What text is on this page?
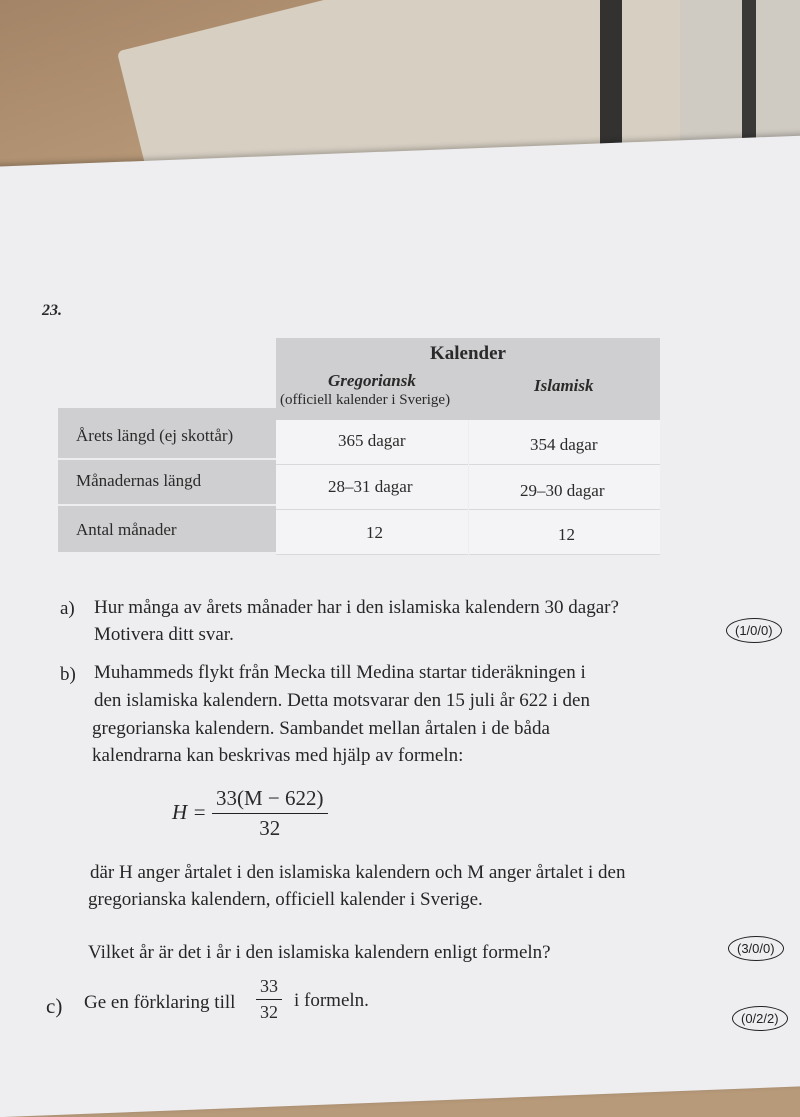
23.
Kalender
Gregoriansk
(officiell kalender i Sverige)
Islamisk
Årets längd (ej skottår)	365 dagar	354 dagar
Månadernas längd	28–31 dagar	29–30 dagar
Antal månader	12	12
a) Hur många av årets månader har i den islamiska kalendern 30 dagar?
Motivera ditt svar.	(1/0/0)
b) Muhammeds flykt från Mecka till Medina startar tideräkningen i
den islamiska kalendern. Detta motsvarar den 15 juli år 622 i den
gregorianska kalendern. Sambandet mellan årtalen i de båda
kalendrarna kan beskrivas med hjälp av formeln:
$H = \frac{33(M - 622)}{32}$
där H anger årtalet i den islamiska kalendern och M anger årtalet i den
gregorianska kalendern, officiell kalender i Sverige.
Vilket år är det i år i den islamiska kalendern enligt formeln?	(3/0/0)
c) Ge en förklaring till $\frac{33}{32}$ i formeln.
(0/2/2)
